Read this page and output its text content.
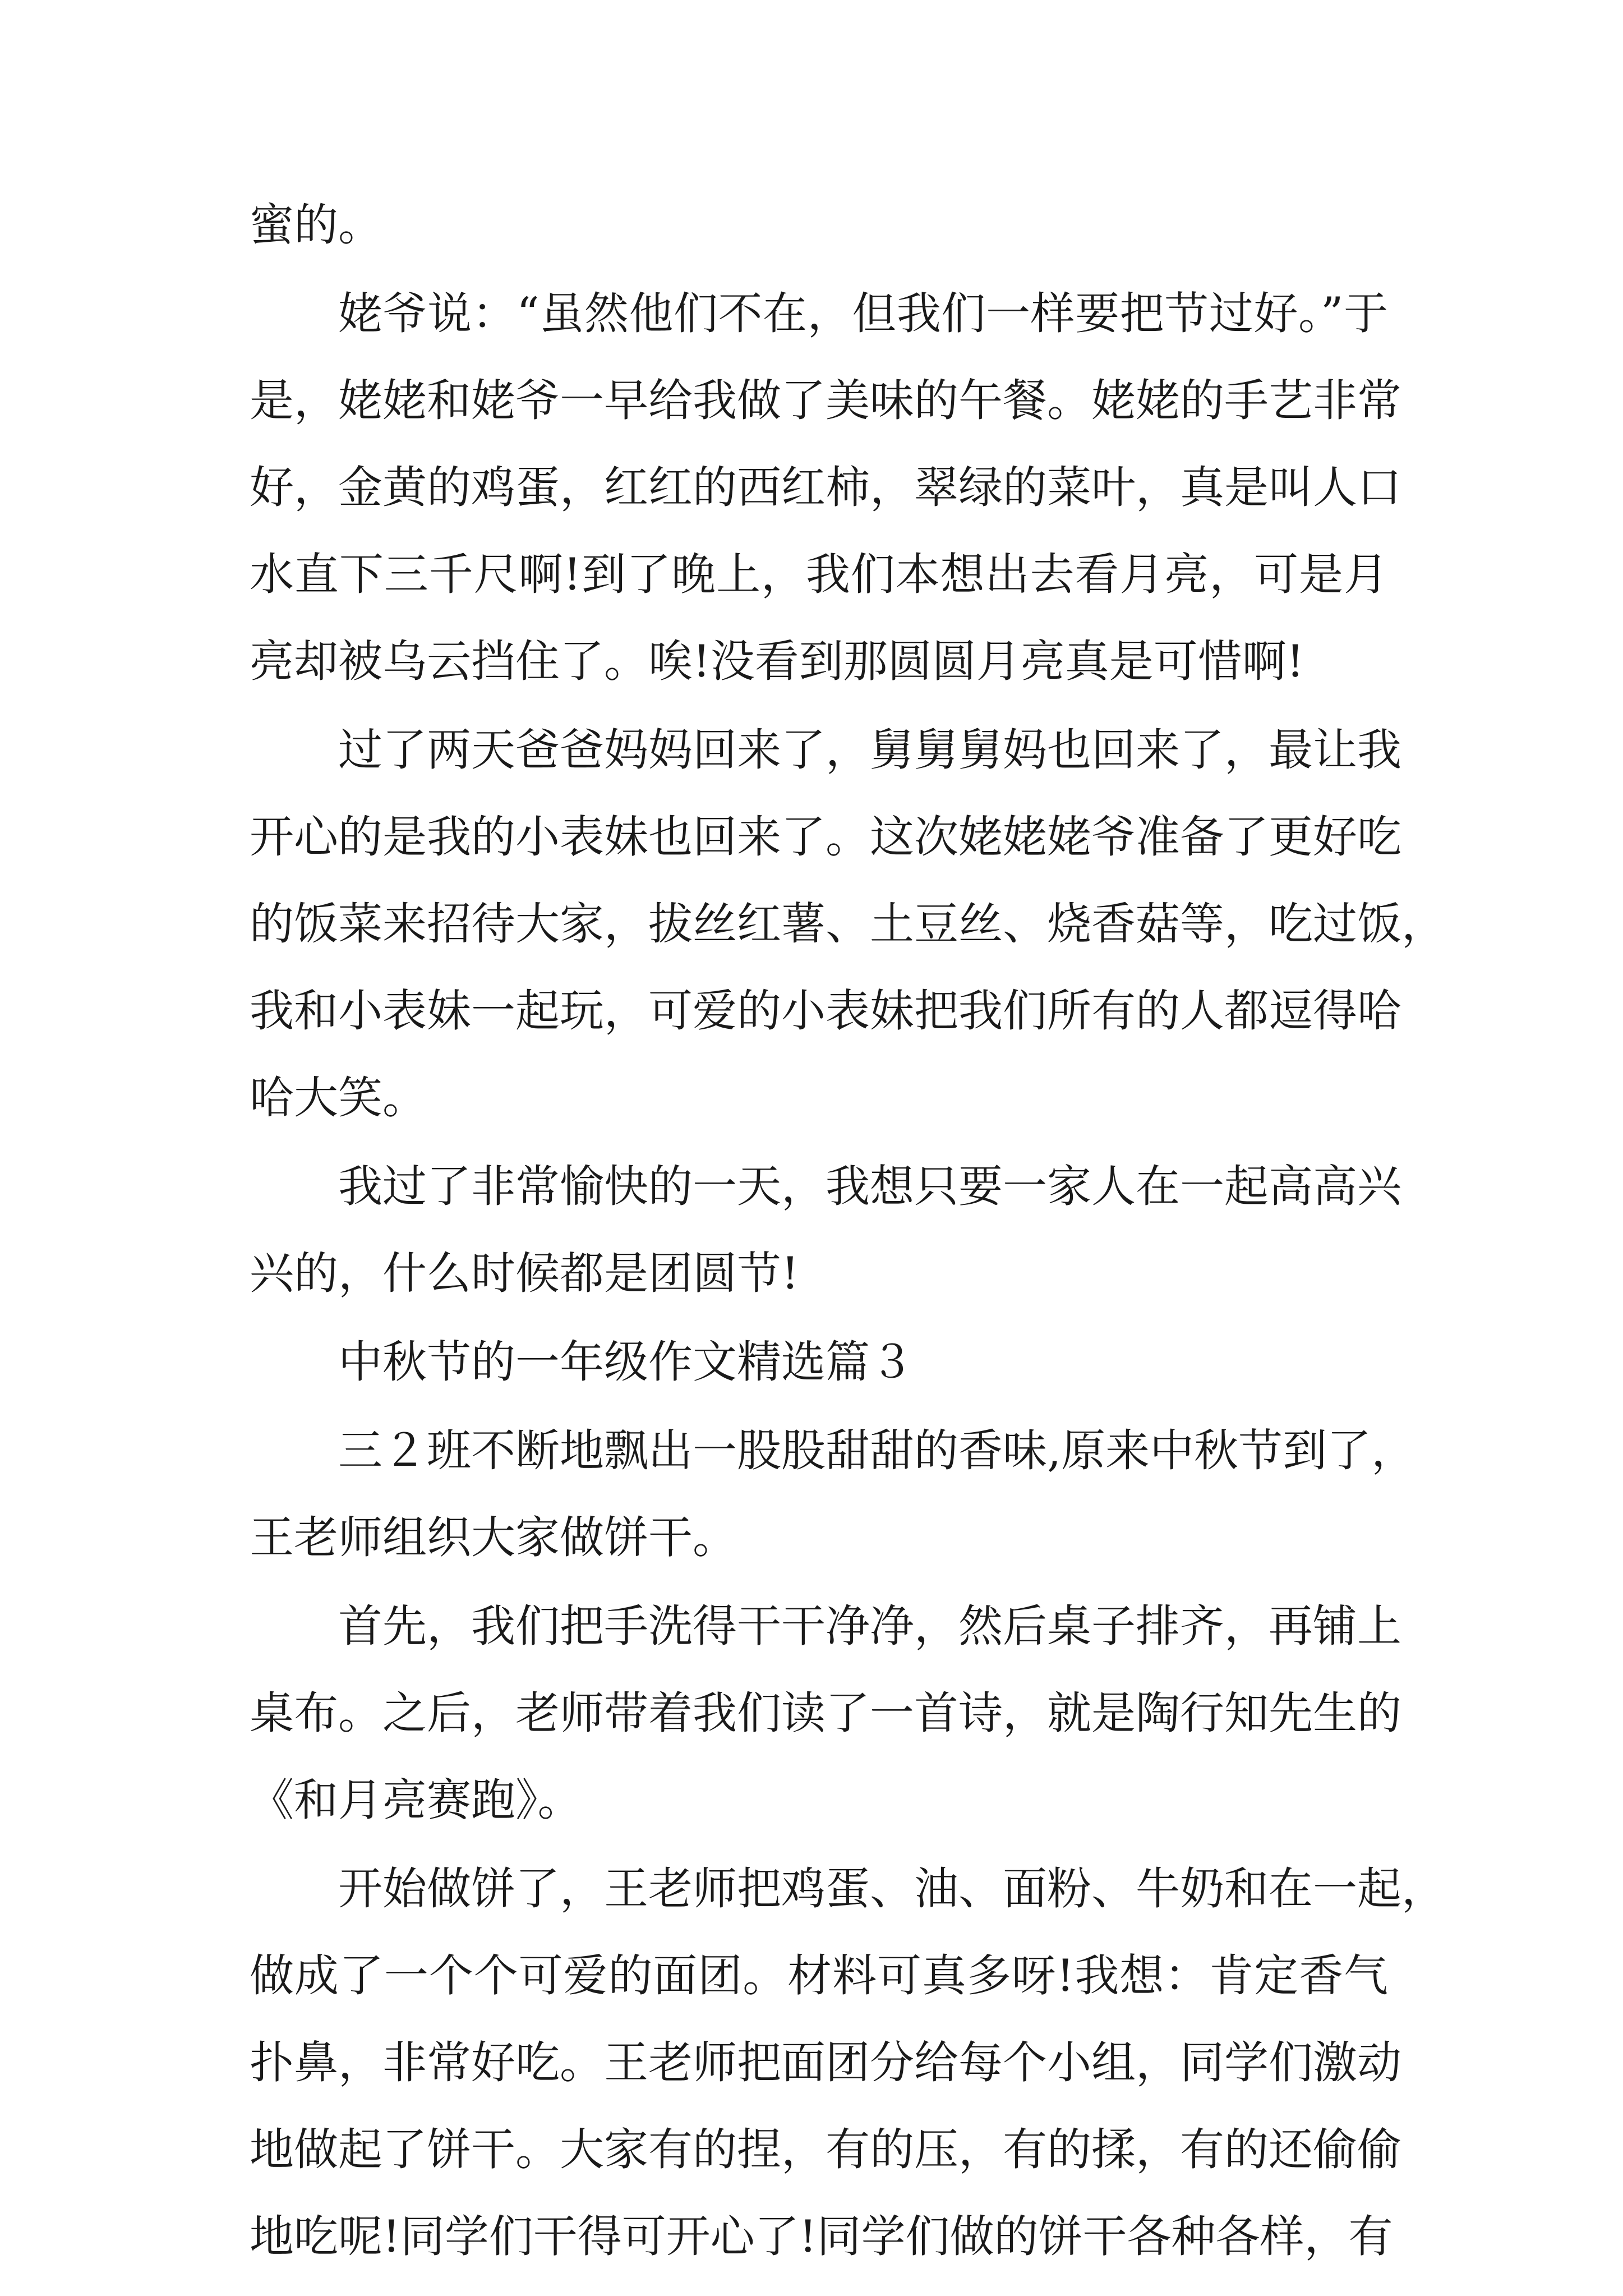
蜜的。
姥爷说：“虽然他们不在，但我们一样要把节过好。”于
是，姥姥和姥爷一早给我做了美味的午餐。姥姥的手艺非常
好，金黄的鸡蛋，红红的西红柿，翠绿的菜叶，真是叫人口
水直下三千尺啊!到了晚上，我们本想出去看月亮，可是月
亮却被乌云挡住了。唉!没看到那圆圆月亮真是可惜啊!
过了两天爸爸妈妈回来了，舅舅舅妈也回来了，最让我
开心的是我的小表妹也回来了。这次姥姥姥爷准备了更好吃
的饭菜来招待大家，拔丝红薯、土豆丝、烧香菇等，吃过饭，
我和小表妹一起玩，可爱的小表妹把我们所有的人都逗得哈
哈大笑。
我过了非常愉快的一天，我想只要一家人在一起高高兴
兴的，什么时候都是团圆节!
中秋节的一年级作文精选篇３
三２班不断地飘出一股股甜甜的香味,原来中秋节到了，
王老师组织大家做饼干。
首先，我们把手洗得干干净净，然后桌子排齐，再铺上
桌布。之后，老师带着我们读了一首诗，就是陶行知先生的
《和月亮赛跑》。
开始做饼了，王老师把鸡蛋、油、面粉、牛奶和在一起，
做成了一个个可爱的面团。材料可真多呀!我想：肯定香气
扑鼻，非常好吃。王老师把面团分给每个小组，同学们激动
地做起了饼干。大家有的捏，有的压，有的揉，有的还偷偷
地吃呢!同学们干得可开心了!同学们做的饼干各种各样，有
